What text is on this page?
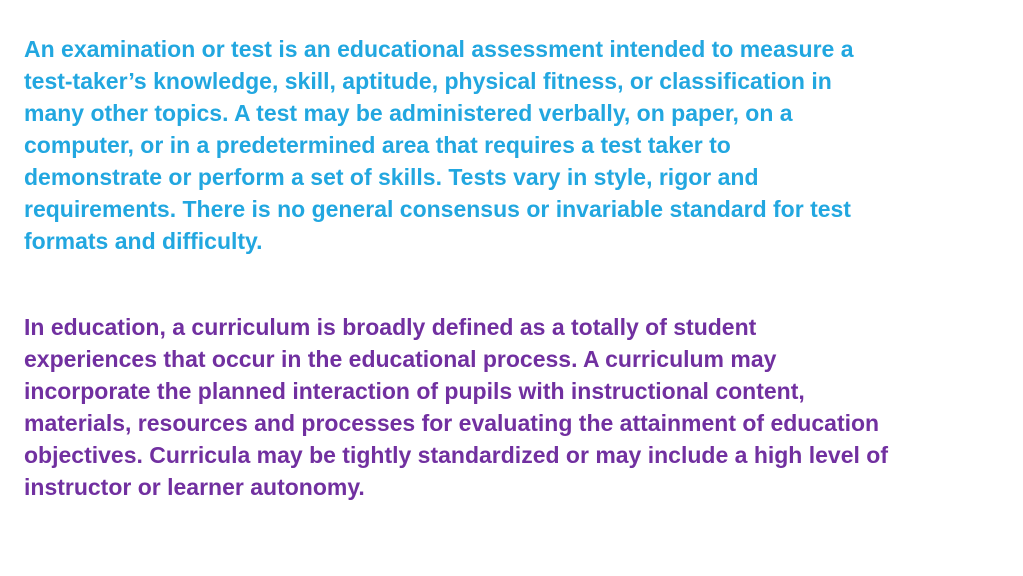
An examination or test is an educational assessment intended to measure a
test-taker’s knowledge, skill, aptitude, physical fitness, or classification in
many other topics. A test may be administered verbally, on paper, on a
computer, or in a predetermined area that requires a test taker to
demonstrate or perform a set of skills. Tests vary in style, rigor and
requirements. There is no general consensus or invariable standard for test
formats and difficulty.

In education, a curriculum is broadly defined as a totally of student
experiences that occur in the educational process. A curriculum may
incorporate the planned interaction of pupils with instructional content,
materials, resources and processes for evaluating the attainment of education
objectives. Curricula may be tightly standardized or may include a high level of
instructor or learner autonomy.
